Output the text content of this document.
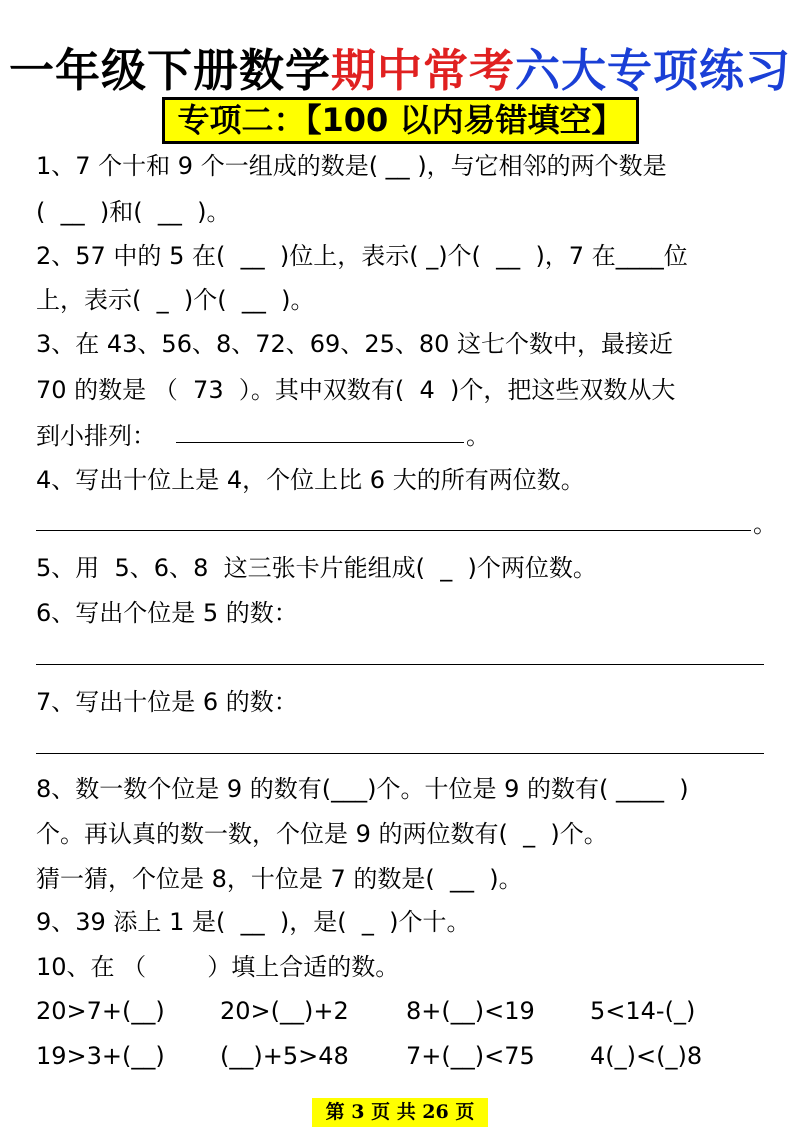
一年级下册数学期中常考六大专项练习
专项二：【100 以内易错填空】
1、7 个十和 9 个一组成的数是( __ )，与它相邻的两个数是
(  __  )和(  __  )。
2、57 中的 5 在(  __  )位上，表示( _)个(  __  )，7 在____位
上，表示(  _  )个(  __  )。
3、在 43、56、8、72、69、25、80 这七个数中，最接近
70 的数是 （  73  ）。其中双数有(  4  )个，把这些双数从大
到小排列：	。
4、写出十位上是 4，个位上比 6 大的所有两位数。
。
5、用  5、6、8  这三张卡片能组成(  _  )个两位数。
6、写出个位是 5 的数：
7、写出十位是 6 的数：
8、数一数个位是 9 的数有(___)个。十位是 9 的数有( ____  )
个。再认真的数一数，个位是 9 的两位数有(  _  )个。
猜一猜，个位是 8，十位是 7 的数是(  __  )。
9、39 添上 1 是(  __  )，是(  _  )个十。
10、在 （        ）填上合适的数。
20>7+(__) 20>(__)+2 8+(__)<19 5<14-(_)
19>3+(__) (__)+5>48 7+(__)<75 4(_)<(_)8
第 3 页 共 26 页
